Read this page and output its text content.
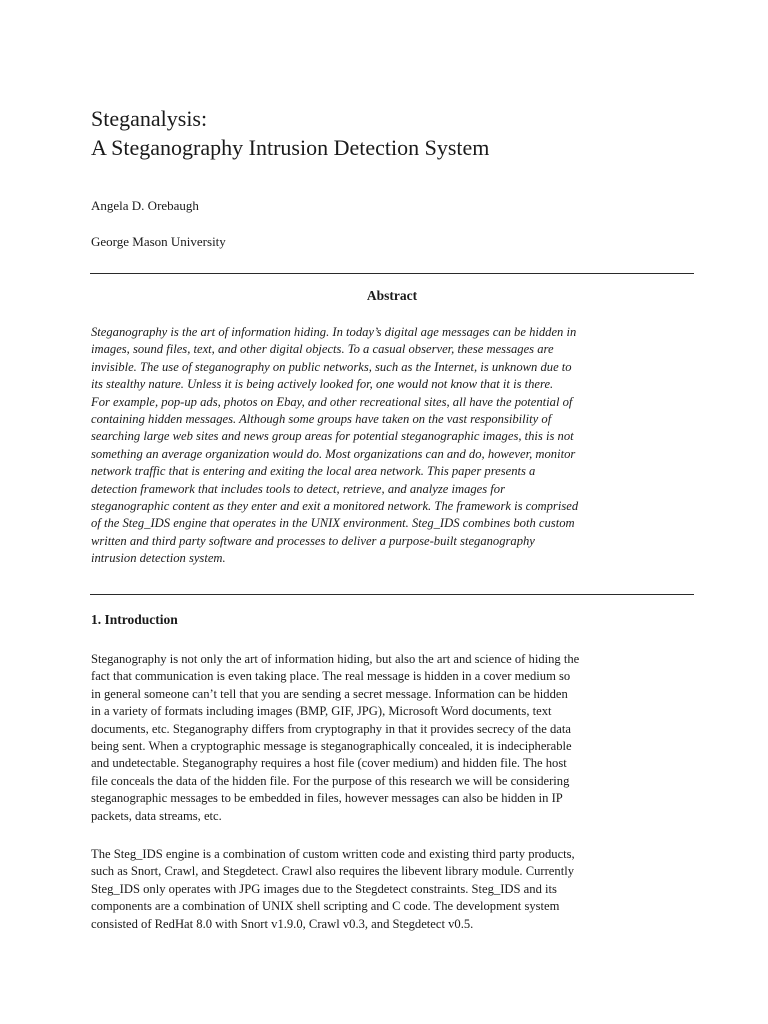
Steganalysis:
A Steganography Intrusion Detection System
Angela D. Orebaugh
George Mason University
Abstract
Steganography is the art of information hiding. In today’s digital age messages can be hidden in
images, sound files, text, and other digital objects. To a casual observer, these messages are
invisible. The use of steganography on public networks, such as the Internet, is unknown due to
its stealthy nature. Unless it is being actively looked for, one would not know that it is there.
For example, pop-up ads, photos on Ebay, and other recreational sites, all have the potential of
containing hidden messages. Although some groups have taken on the vast responsibility of
searching large web sites and news group areas for potential steganographic images, this is not
something an average organization would do. Most organizations can and do, however, monitor
network traffic that is entering and exiting the local area network. This paper presents a
detection framework that includes tools to detect, retrieve, and analyze images for
steganographic content as they enter and exit a monitored network. The framework is comprised
of the Steg_IDS engine that operates in the UNIX environment. Steg_IDS combines both custom
written and third party software and processes to deliver a purpose-built steganography
intrusion detection system.
1. Introduction
Steganography is not only the art of information hiding, but also the art and science of hiding the
fact that communication is even taking place. The real message is hidden in a cover medium so
in general someone can’t tell that you are sending a secret message. Information can be hidden
in a variety of formats including images (BMP, GIF, JPG), Microsoft Word documents, text
documents, etc. Steganography differs from cryptography in that it provides secrecy of the data
being sent. When a cryptographic message is steganographically concealed, it is indecipherable
and undetectable. Steganography requires a host file (cover medium) and hidden file. The host
file conceals the data of the hidden file. For the purpose of this research we will be considering
steganographic messages to be embedded in files, however messages can also be hidden in IP
packets, data streams, etc.
The Steg_IDS engine is a combination of custom written code and existing third party products,
such as Snort, Crawl, and Stegdetect. Crawl also requires the libevent library module. Currently
Steg_IDS only operates with JPG images due to the Stegdetect constraints. Steg_IDS and its
components are a combination of UNIX shell scripting and C code. The development system
consisted of RedHat 8.0 with Snort v1.9.0, Crawl v0.3, and Stegdetect v0.5.
